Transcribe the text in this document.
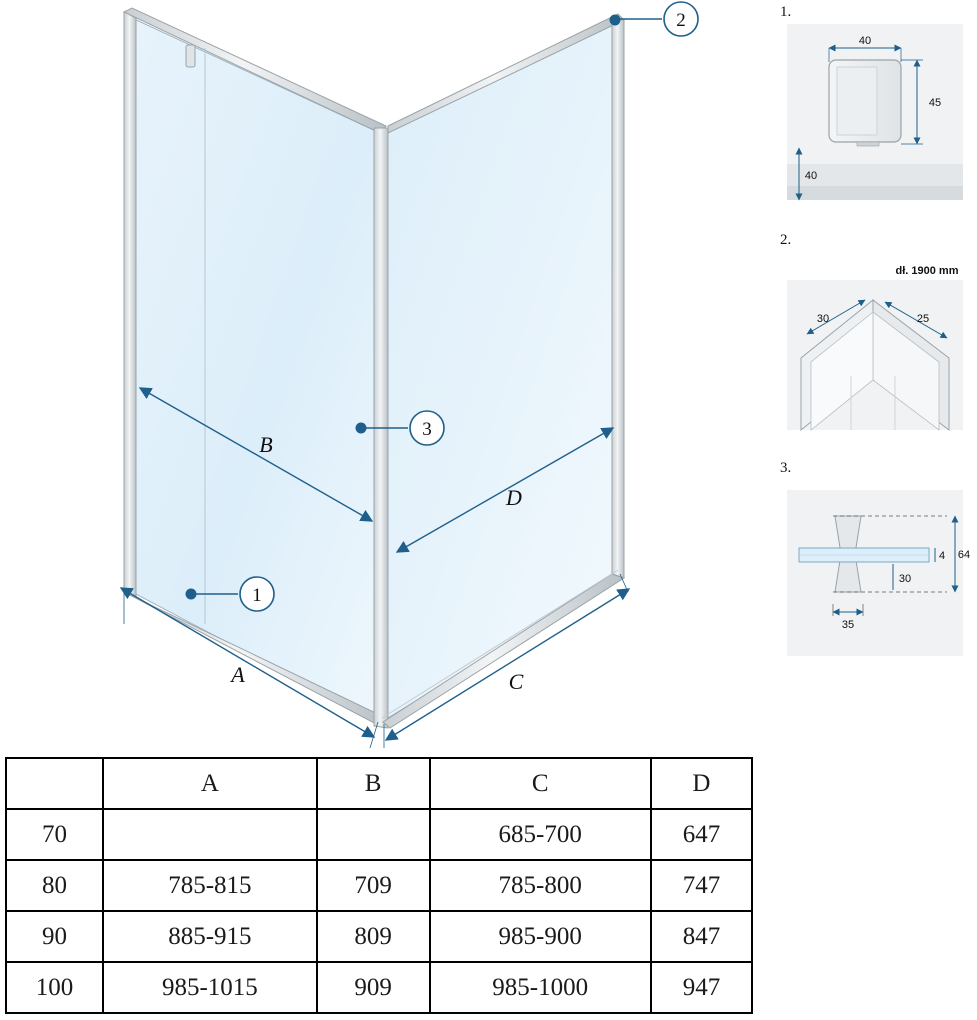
2
3
1
B
D
A	C
1.
40
45
40
2.
dł. 1900 mm
30	25
3.
4 64
30
35
	A	B	C	D
70			685-700	647
80	785-815	709	785-800	747
90	885-915	809	985-900	847
100	985-1015	909	985-1000	947
